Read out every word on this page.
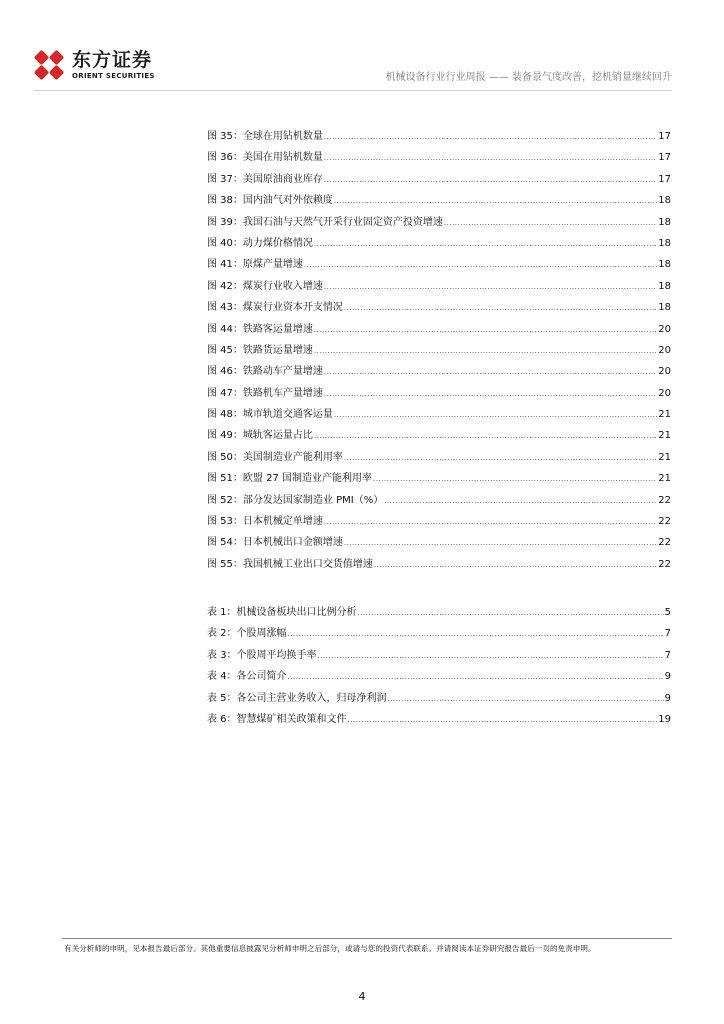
东方证券
ORIENT SECURITIES	机械设备行业行业周报 —— 装备景气度改善，挖机销量继续回升
图 35：全球在用钻机数量 .....	17
图 36：美国在用钻机数量 .....	17
图 37：美国原油商业库存 .....	17
图 38：国内油气对外依赖度 .....	18
图 39：我国石油与天然气开采行业固定资产投资增速 .....	18
图 40：动力煤价格情况 .....	18
图 41：原煤产量增速 .....	18
图 42：煤炭行业收入增速 .....	18
图 43：煤炭行业资本开支情况 .....	18
图 44：铁路客运量增速 .....	20
图 45：铁路货运量增速 .....	20
图 46：铁路动车产量增速 .....	20
图 47：铁路机车产量增速 .....	20
图 48：城市轨道交通客运量 .....	21
图 49：城轨客运量占比 .....	21
图 50：美国制造业产能利用率 .....	21
图 51：欧盟 27 国制造业产能利用率 .....	21
图 52：部分发达国家制造业 PMI（%） .....	22
图 53：日本机械定单增速 .....	22
图 54：日本机械出口金额增速 .....	22
图 55：我国机械工业出口交货值增速 .....	22
表 1：机械设备板块出口比例分析 .....	5
表 2：个股周涨幅 .....	7
表 3：个股周平均换手率 .....	7
表 4：各公司简介 .....	9
表 5：各公司主营业务收入，归母净利润 .....	9
表 6：智慧煤矿相关政策和文件 .....	19
有关分析师的申明，见本报告最后部分。其他重要信息披露见分析师申明之后部分，或请与您的投资代表联系。并请阅读本证券研究报告最后一页的免责申明。
4
